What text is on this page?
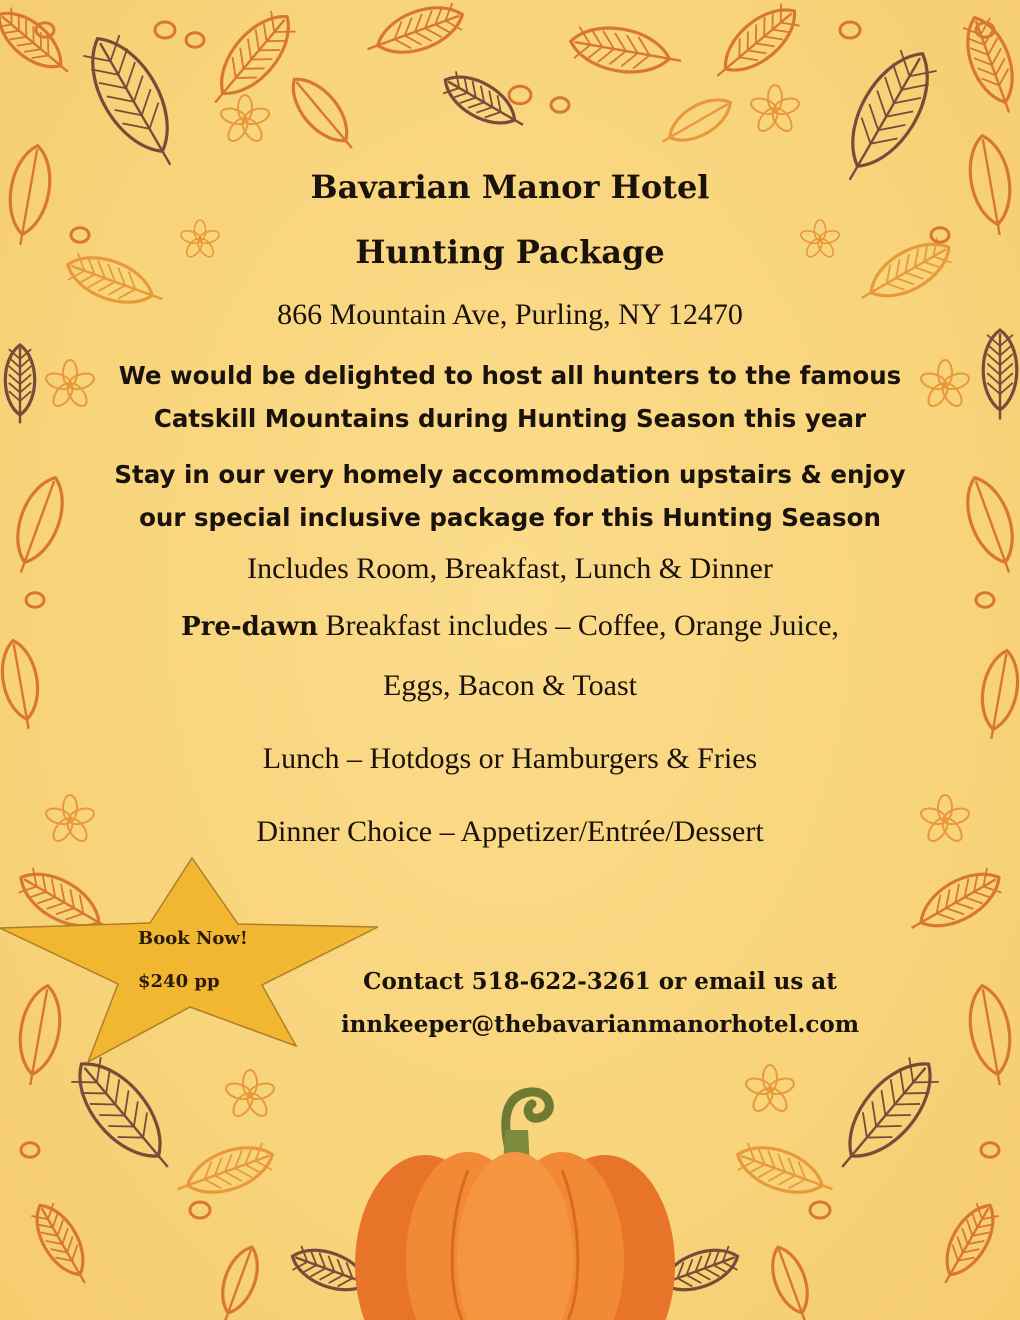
Book Now!
$240 pp

Bavarian Manor Hotel

Hunting Package

866 Mountain Ave, Purling, NY 12470

We would be delighted to host all hunters to the famous
Catskill Mountains during Hunting Season this year
Stay in our very homely accommodation upstairs & enjoy
our special inclusive package for this Hunting Season

Includes Room, Breakfast, Lunch & Dinner

Pre-dawn Breakfast includes – Coffee, Orange Juice,

Eggs, Bacon & Toast

Lunch – Hotdogs or Hamburgers & Fries

Dinner Choice – Appetizer/Entrée/Dessert

Contact 518-622-3261 or email us at
innkeeper@thebavarianmanorhotel.com
